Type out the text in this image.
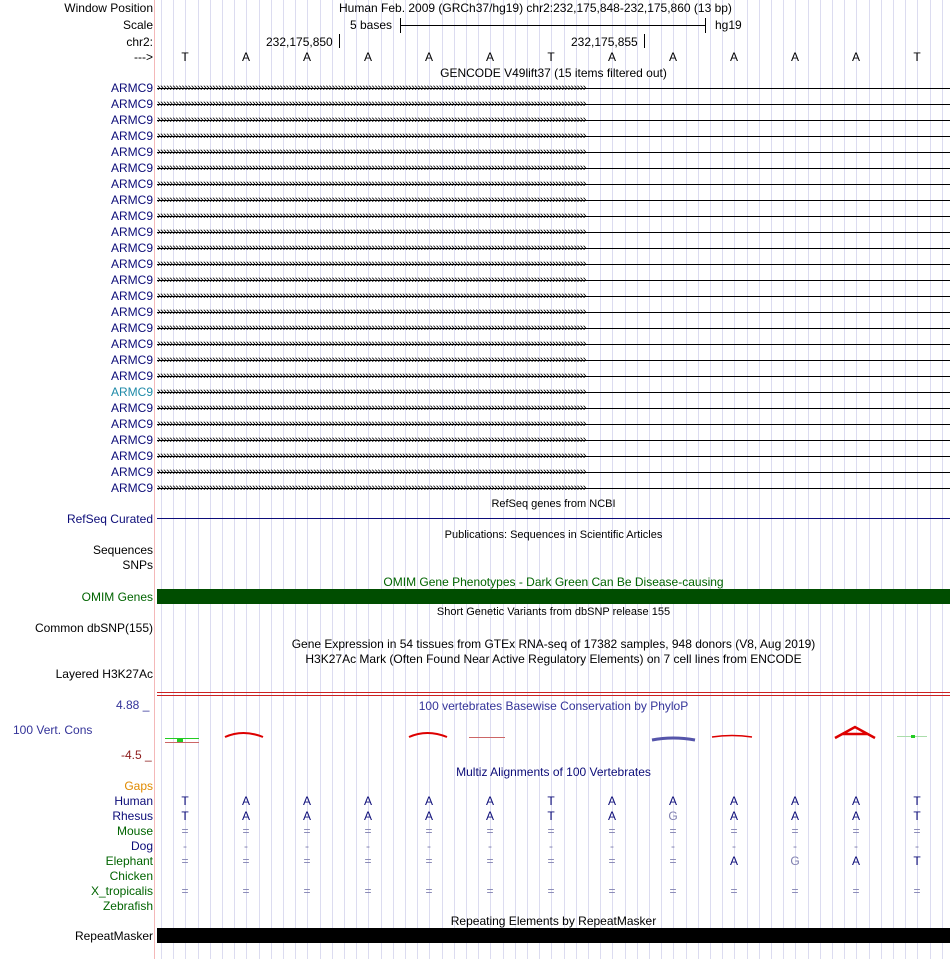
Window Position	Human Feb. 2009 (GRCh37/hg19) chr2:232,175,848-232,175,860 (13 bp)
Scale	5 bases	hg19
chr2:	232,175,850	232,175,855
---> T	A	A	A	A	A	T	A	A	A	A	A	T
GENCODE V49lift37 (15 items filtered out)
ARMC9 ››››››››››››››››››››››››››››››››››››››››››››››››››››››››››››››››››››››››››››››››››››››››››››››››››››››››››››››››››››››››››››››››››››››››››››
ARMC9 ››››››››››››››››››››››››››››››››››››››››››››››››››››››››››››››››››››››››››››››››››››››››››››››››››››››››››››››››››››››››››››››››››››››››››››
ARMC9 ››››››››››››››››››››››››››››››››››››››››››››››››››››››››››››››››››››››››››››››››››››››››››››››››››››››››››››››››››››››››››››››››››››››››››››
ARMC9 ››››››››››››››››››››››››››››››››››››››››››››››››››››››››››››››››››››››››››››››››››››››››››››››››››››››››››››››››››››››››››››››››››››››››››››
ARMC9 ››››››››››››››››››››››››››››››››››››››››››››››››››››››››››››››››››››››››››››››››››››››››››››››››››››››››››››››››››››››››››››››››››››››››››››
ARMC9 ››››››››››››››››››››››››››››››››››››››››››››››››››››››››››››››››››››››››››››››››››››››››››››››››››››››››››››››››››››››››››››››››››››››››››››
ARMC9 ››››››››››››››››››››››››››››››››››››››››››››››››››››››››››››››››››››››››››››››››››››››››››››››››››››››››››››››››››››››››››››››››››››››››››››
ARMC9 ››››››››››››››››››››››››››››››››››››››››››››››››››››››››››››››››››››››››››››››››››››››››››››››››››››››››››››››››››››››››››››››››››››››››››››
ARMC9 ››››››››››››››››››››››››››››››››››››››››››››››››››››››››››››››››››››››››››››››››››››››››››››››››››››››››››››››››››››››››››››››››››››››››››››
ARMC9 ››››››››››››››››››››››››››››››››››››››››››››››››››››››››››››››››››››››››››››››››››››››››››››››››››››››››››››››››››››››››››››››››››››››››››››
ARMC9 ››››››››››››››››››››››››››››››››››››››››››››››››››››››››››››››››››››››››››››››››››››››››››››››››››››››››››››››››››››››››››››››››››››››››››››
ARMC9 ››››››››››››››››››››››››››››››››››››››››››››››››››››››››››››››››››››››››››››››››››››››››››››››››››››››››››››››››››››››››››››››››››››››››››››
ARMC9 ››››››››››››››››››››››››››››››››››››››››››››››››››››››››››››››››››››››››››››››››››››››››››››››››››››››››››››››››››››››››››››››››››››››››››››
ARMC9 ››››››››››››››››››››››››››››››››››››››››››››››››››››››››››››››››››››››››››››››››››››››››››››››››››››››››››››››››››››››››››››››››››››››››››››
ARMC9 ››››››››››››››››››››››››››››››››››››››››››››››››››››››››››››››››››››››››››››››››››››››››››››››››››››››››››››››››››››››››››››››››››››››››››››
ARMC9 ››››››››››››››››››››››››››››››››››››››››››››››››››››››››››››››››››››››››››››››››››››››››››››››››››››››››››››››››››››››››››››››››››››››››››››
ARMC9 ››››››››››››››››››››››››››››››››››››››››››››››››››››››››››››››››››››››››››››››››››››››››››››››››››››››››››››››››››››››››››››››››››››››››››››
ARMC9 ››››››››››››››››››››››››››››››››››››››››››››››››››››››››››››››››››››››››››››››››››››››››››››››››››››››››››››››››››››››››››››››››››››››››››››
ARMC9 ››››››››››››››››››››››››››››››››››››››››››››››››››››››››››››››››››››››››››››››››››››››››››››››››››››››››››››››››››››››››››››››››››››››››››››
ARMC9 ››››››››››››››››››››››››››››››››››››››››››››››››››››››››››››››››››››››››››››››››››››››››››››››››››››››››››››››››››››››››››››››››››››››››››››
ARMC9 ››››››››››››››››››››››››››››››››››››››››››››››››››››››››››››››››››››››››››››››››››››››››››››››››››››››››››››››››››››››››››››››››››››››››››››
ARMC9 ››››››››››››››››››››››››››››››››››››››››››››››››››››››››››››››››››››››››››››››››››››››››››››››››››››››››››››››››››››››››››››››››››››››››››››
ARMC9 ››››››››››››››››››››››››››››››››››››››››››››››››››››››››››››››››››››››››››››››››››››››››››››››››››››››››››››››››››››››››››››››››››››››››››››
ARMC9 ››››››››››››››››››››››››››››››››››››››››››››››››››››››››››››››››››››››››››››››››››››››››››››››››››››››››››››››››››››››››››››››››››››››››››››
ARMC9 ››››››››››››››››››››››››››››››››››››››››››››››››››››››››››››››››››››››››››››››››››››››››››››››››››››››››››››››››››››››››››››››››››››››››››››
ARMC9 ››››››››››››››››››››››››››››››››››››››››››››››››››››››››››››››››››››››››››››››››››››››››››››››››››››››››››››››››››››››››››››››››››››››››››››
RefSeq genes from NCBI
RefSeq Curated
Publications: Sequences in Scientific Articles
Sequences
SNPs
OMIM Gene Phenotypes - Dark Green Can Be Disease-causing
OMIM Genes
Short Genetic Variants from dbSNP release 155
Common dbSNP(155)
Gene Expression in 54 tissues from GTEx RNA-seq of 17382 samples, 948 donors (V8, Aug 2019)
H3K27Ac Mark (Often Found Near Active Regulatory Elements) on 7 cell lines from ENCODE
Layered H3K27Ac
100 vertebrates Basewise Conservation by PhyloP
4.88 _
100 Vert. Cons
-4.5 _
Multiz Alignments of 100 Vertebrates
Gaps
Human T	A	A	A	A	A	T	A	A	A	A	A	T
Rhesus T	A	A	A	A	A	T	A	G	A	A	A	T
Mouse =	=	=	=	=	=	=	=	=	=	=	=	=
Dog	-	-	-	-	-	-	-	-	-	-	-	-	-
Elephant =	=	=	=	=	=	=	=	=	A	G	A	T
Chicken
X_tropicalis =	=	=	=	=	=	=	=	=	=	=	=	=
Zebrafish
Repeating Elements by RepeatMasker
RepeatMasker
